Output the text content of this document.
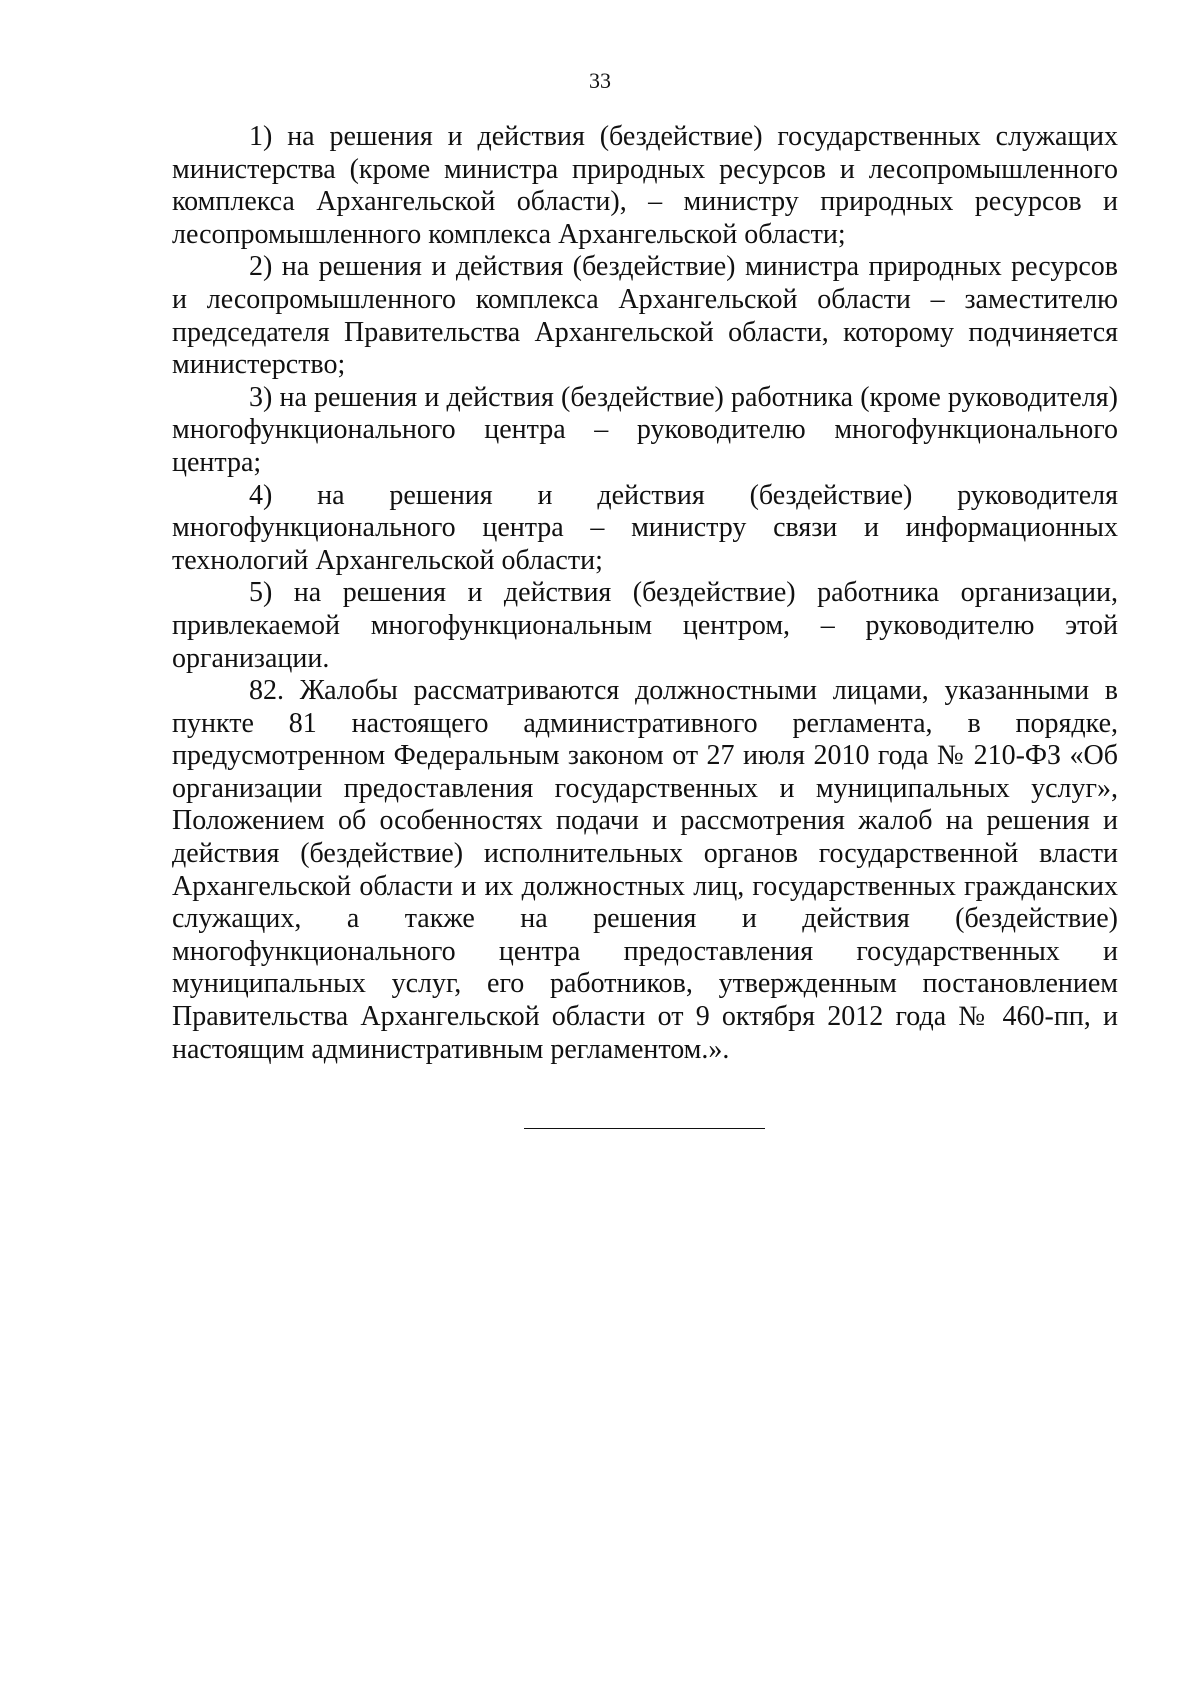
33

1) на решения и действия (бездействие) государственных служащих министерства (кроме министра природных ресурсов и лесопромышленного комплекса Архангельской области), – министру природных ресурсов и лесопромышленного комплекса Архангельской области;

2) на решения и действия (бездействие) министра природных ресурсов и лесопромышленного комплекса Архангельской области – заместителю председателя Правительства Архангельской области, которому подчиняется министерство;

3) на решения и действия (бездействие) работника (кроме руководителя) многофункционального центра – руководителю многофункционального центра;

4) на решения и действия (бездействие) руководителя многофункционального центра – министру связи и информационных технологий Архангельской области;

5) на решения и действия (бездействие) работника организации, привлекаемой многофункциональным центром, – руководителю этой организации.

82. Жалобы рассматриваются должностными лицами, указанными в пункте 81 настоящего административного регламента, в порядке, предусмотренном Федеральным законом от 27 июля 2010 года № 210-ФЗ «Об организации предоставления государственных и муниципальных услуг», Положением об особенностях подачи и рассмотрения жалоб на решения и действия (бездействие) исполнительных органов государственной власти Архангельской области и их должностных лиц, государственных гражданских служащих, а также на решения и действия (бездействие) многофункционального центра предоставления государственных и муниципальных услуг, его работников, утвержденным постановлением Правительства Архангельской области от 9 октября 2012 года № 460-пп, и настоящим административным регламентом.».
